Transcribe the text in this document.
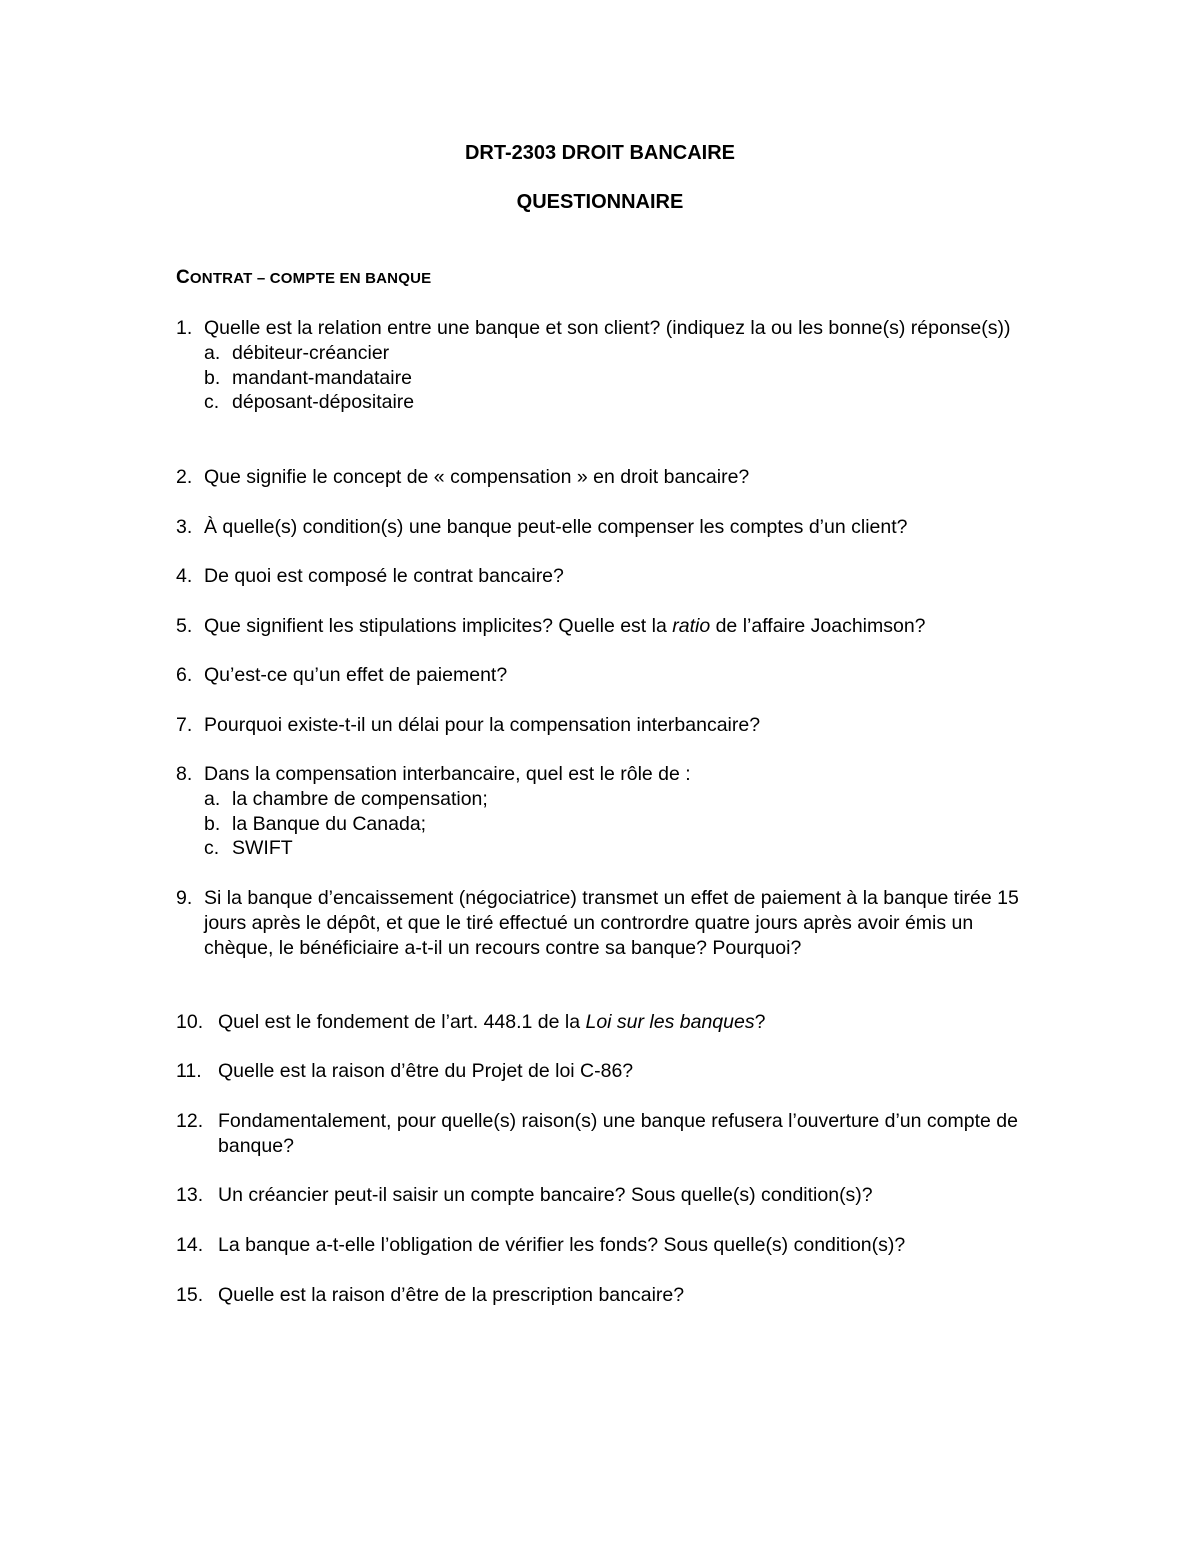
DRT-2303 DROIT BANCAIRE
QUESTIONNAIRE
CONTRAT – COMPTE EN BANQUE
1. Quelle est la relation entre une banque et son client? (indiquez la ou les bonne(s) réponse(s))
a. débiteur-créancier
b. mandant-mandataire
c. déposant-dépositaire
2. Que signifie le concept de « compensation » en droit bancaire?
3. À quelle(s) condition(s) une banque peut-elle compenser les comptes d’un client?
4. De quoi est composé le contrat bancaire?
5. Que signifient les stipulations implicites? Quelle est la ratio de l’affaire Joachimson?
6. Qu’est-ce qu’un effet de paiement?
7. Pourquoi existe-t-il un délai pour la compensation interbancaire?
8. Dans la compensation interbancaire, quel est le rôle de :
a. la chambre de compensation;
b. la Banque du Canada;
c. SWIFT
9. Si la banque d’encaissement (négociatrice) transmet un effet de paiement à la banque tirée 15 jours après le dépôt, et que le tiré effectué un contrordre quatre jours après avoir émis un chèque, le bénéficiaire a-t-il un recours contre sa banque? Pourquoi?
10. Quel est le fondement de l’art. 448.1 de la Loi sur les banques?
11. Quelle est la raison d’être du Projet de loi C-86?
12. Fondamentalement, pour quelle(s) raison(s) une banque refusera l’ouverture d’un compte de banque?
13. Un créancier peut-il saisir un compte bancaire? Sous quelle(s) condition(s)?
14. La banque a-t-elle l’obligation de vérifier les fonds? Sous quelle(s) condition(s)?
15. Quelle est la raison d’être de la prescription bancaire?
